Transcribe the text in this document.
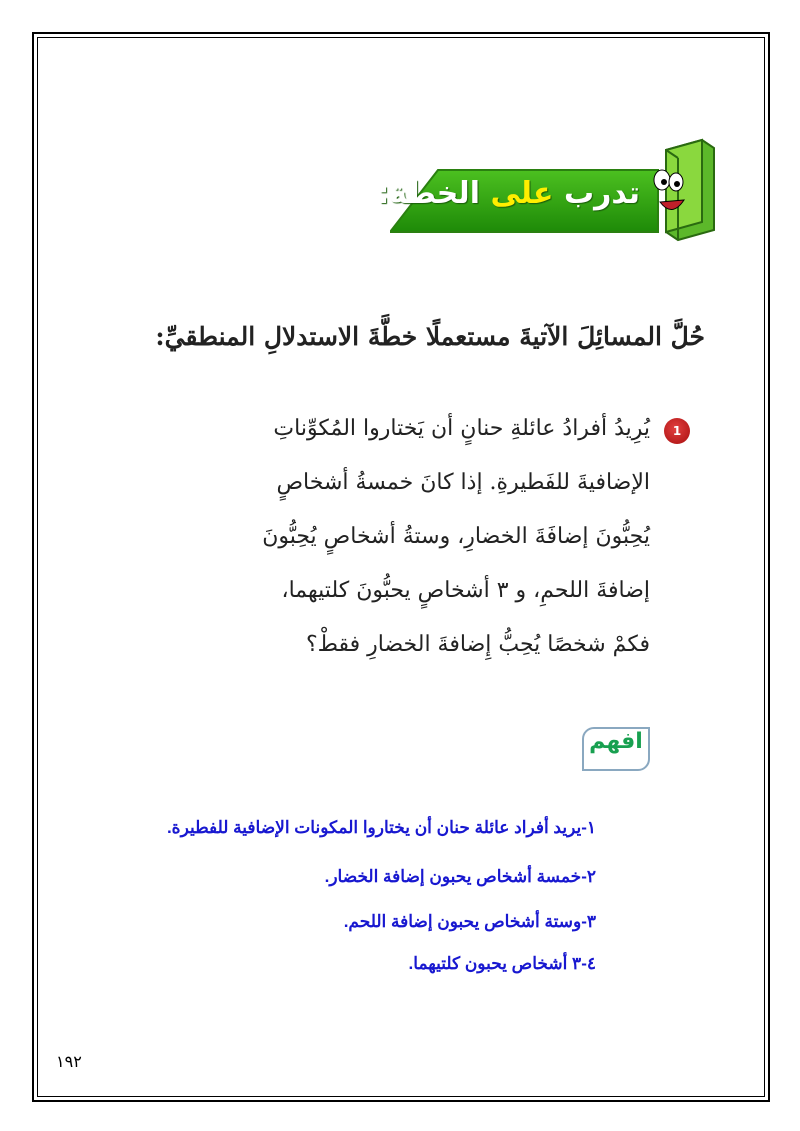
تدرب على الخطة:
حُلَّ المسائِلَ الآتيةَ مستعملًا خطَّةَ الاستدلالِ المنطقيِّ:
1
يُرِيدُ أفرادُ عائلةِ حنانٍ أن يَختاروا المُكوِّناتِ
الإضافيةَ للفَطيرةِ. إذا كانَ خمسةُ أشخاصٍ
يُحِبُّونَ إضافَةَ الخضارِ، وستةُ أشخاصٍ يُحِبُّونَ
إضافةَ اللحمِ، و ٣ أشخاصٍ يحبُّونَ كلتيهما،
فكمْ شخصًا يُحِبُّ إِضافةَ الخضارِ فقطْ؟
افهم
١-يريد أفراد عائلة حنان أن يختاروا المكونات الإضافية للفطيرة.
٢-خمسة أشخاص يحبون إضافة الخضار.
٣-وستة أشخاص يحبون إضافة اللحم.
٤-٣ أشخاص يحبون كلتيهما.
١٩٢
